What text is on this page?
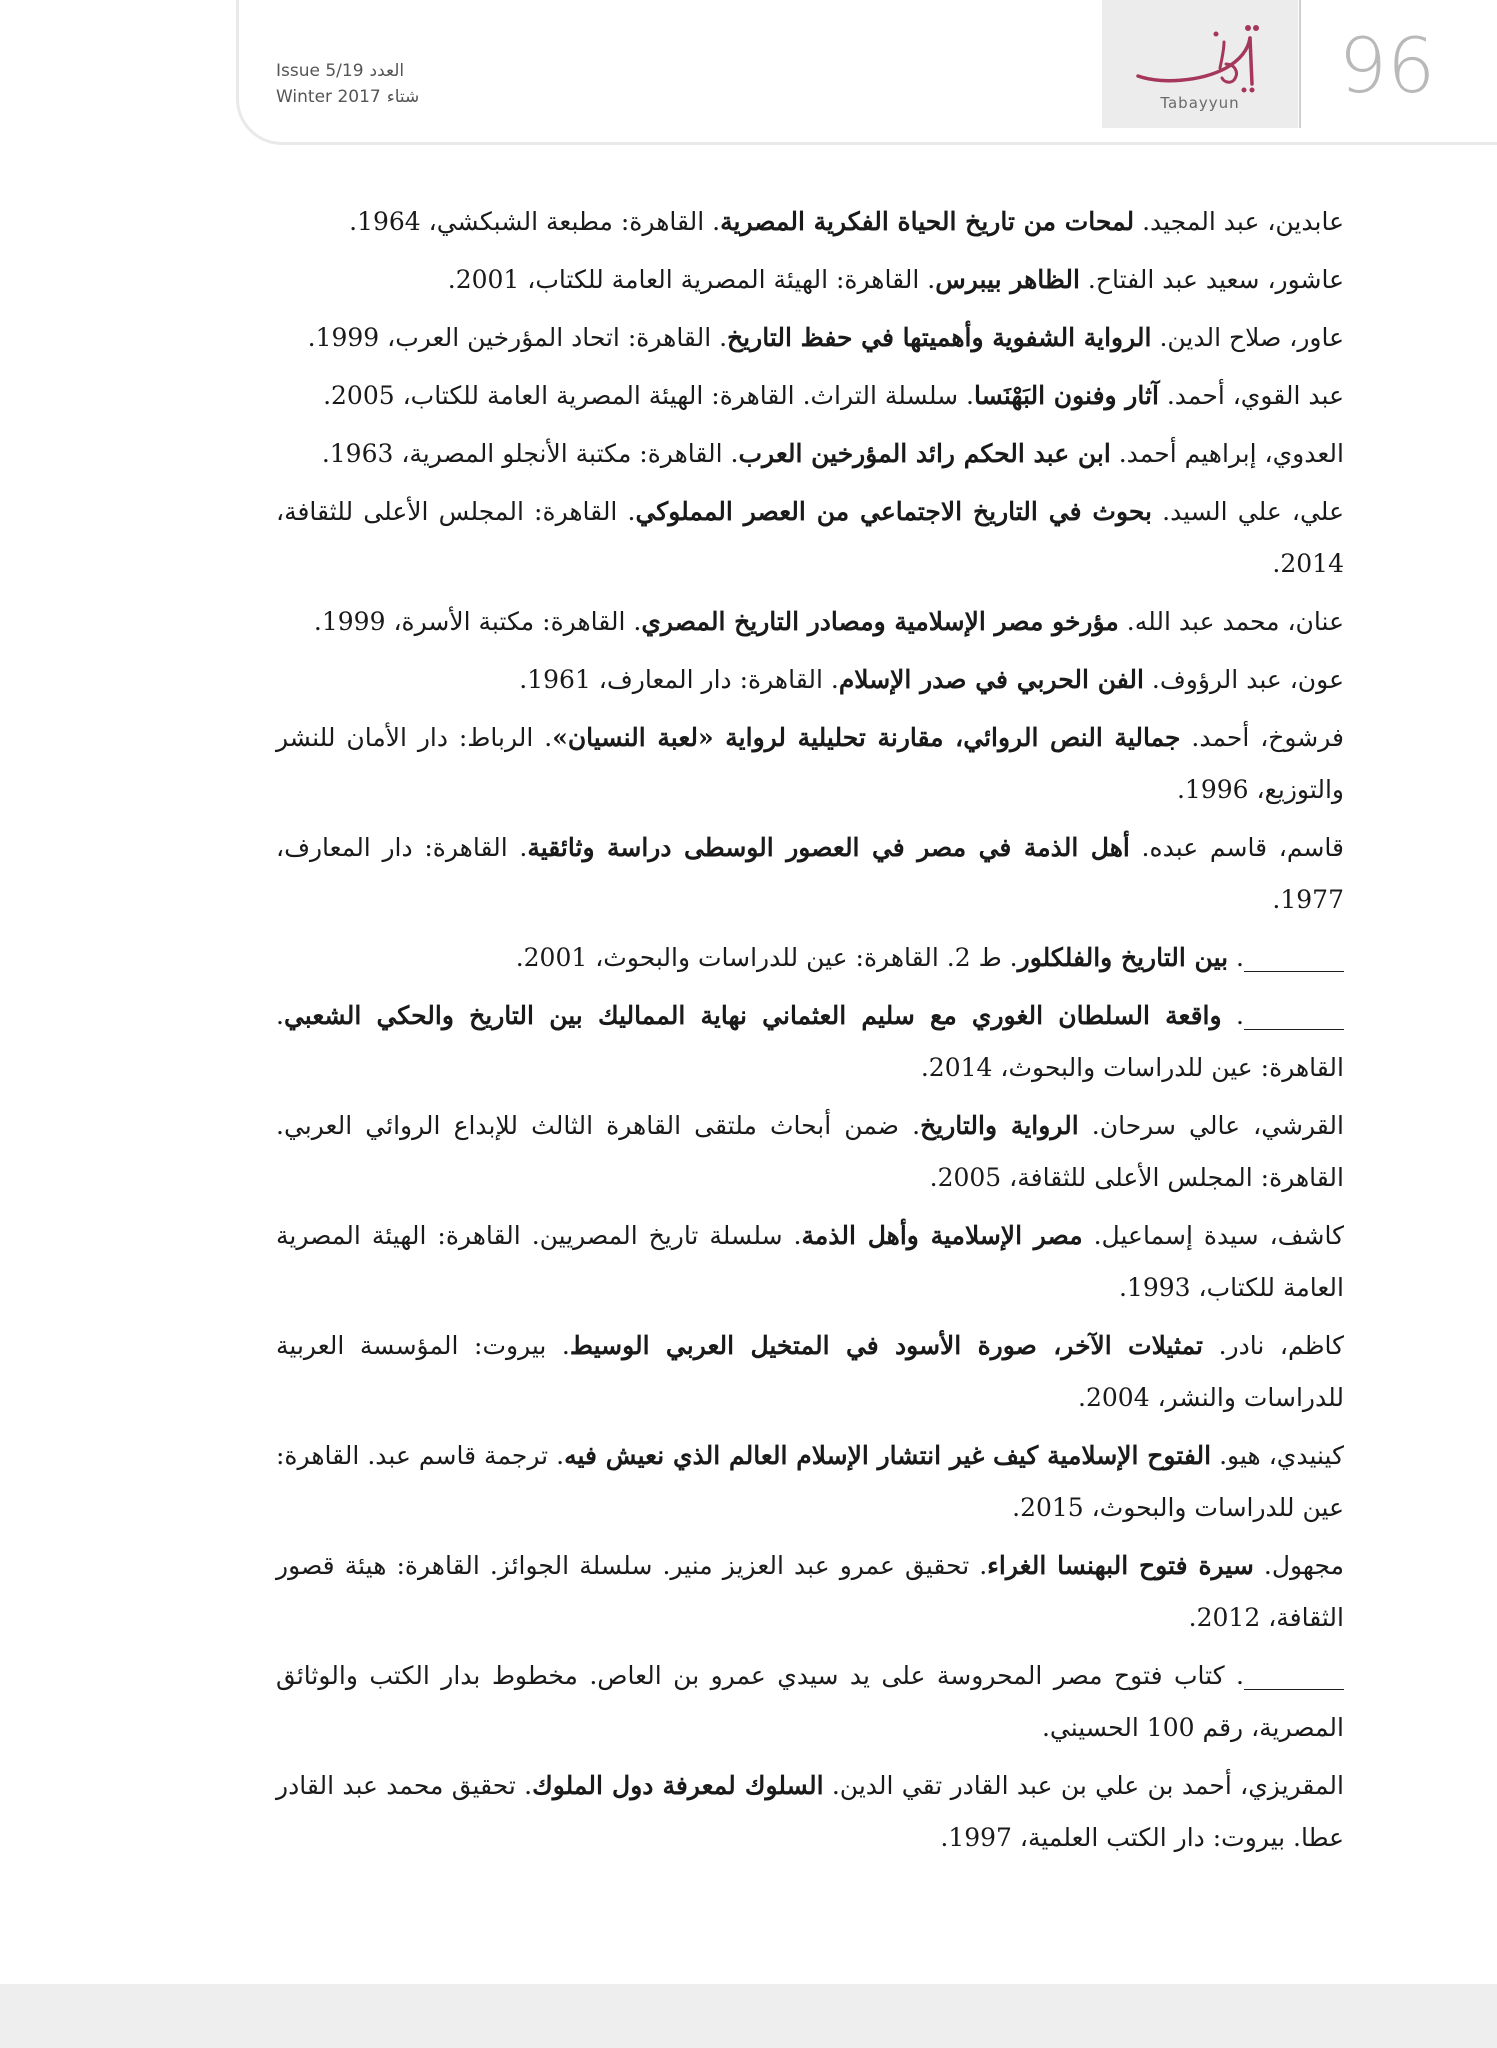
Issue 5/19 العدد
Winter 2017 شتاء	Tabayyun	96
عابدين، عبد المجيد. لمحات من تاريخ الحياة الفكرية المصرية. القاهرة: مطبعة الشبكشي، 1964.
عاشور، سعيد عبد الفتاح. الظاهر بيبرس. القاهرة: الهيئة المصرية العامة للكتاب، 2001.
عاور، صلاح الدين. الرواية الشفوية وأهميتها في حفظ التاريخ. القاهرة: اتحاد المؤرخين العرب، 1999.
عبد القوي، أحمد. آثار وفنون البَهْنَسا. سلسلة التراث. القاهرة: الهيئة المصرية العامة للكتاب، 2005.
العدوي، إبراهيم أحمد. ابن عبد الحكم رائد المؤرخين العرب. القاهرة: مكتبة الأنجلو المصرية، 1963.
علي، علي السيد. بحوث في التاريخ الاجتماعي من العصر المملوكي. القاهرة: المجلس الأعلى للثقافة، 2014.
عنان، محمد عبد الله. مؤرخو مصر الإسلامية ومصادر التاريخ المصري. القاهرة: مكتبة الأسرة، 1999.
عون، عبد الرؤوف. الفن الحربي في صدر الإسلام. القاهرة: دار المعارف، 1961.
فرشوخ، أحمد. جمالية النص الروائي، مقارنة تحليلية لرواية «لعبة النسيان». الرباط: دار الأمان للنشر والتوزيع، 1996.
قاسم، قاسم عبده. أهل الذمة في مصر في العصور الوسطى دراسة وثائقية. القاهرة: دار المعارف، 1977.
________. بين التاريخ والفلكلور. ط 2. القاهرة: عين للدراسات والبحوث، 2001.
________. واقعة السلطان الغوري مع سليم العثماني نهاية المماليك بين التاريخ والحكي الشعبي. القاهرة: عين للدراسات والبحوث، 2014.
القرشي، عالي سرحان. الرواية والتاريخ. ضمن أبحاث ملتقى القاهرة الثالث للإبداع الروائي العربي. القاهرة: المجلس الأعلى للثقافة، 2005.
كاشف، سيدة إسماعيل. مصر الإسلامية وأهل الذمة. سلسلة تاريخ المصريين. القاهرة: الهيئة المصرية العامة للكتاب، 1993.
كاظم، نادر. تمثيلات الآخر، صورة الأسود في المتخيل العربي الوسيط. بيروت: المؤسسة العربية للدراسات والنشر، 2004.
كينيدي، هيو. الفتوح الإسلامية كيف غير انتشار الإسلام العالم الذي نعيش فيه. ترجمة قاسم عبد. القاهرة: عين للدراسات والبحوث، 2015.
مجهول. سيرة فتوح البهنسا الغراء. تحقيق عمرو عبد العزيز منير. سلسلة الجوائز. القاهرة: هيئة قصور الثقافة، 2012.
________. كتاب فتوح مصر المحروسة على يد سيدي عمرو بن العاص. مخطوط بدار الكتب والوثائق المصرية، رقم 100 الحسيني.
المقريزي، أحمد بن علي بن عبد القادر تقي الدين. السلوك لمعرفة دول الملوك. تحقيق محمد عبد القادر عطا. بيروت: دار الكتب العلمية، 1997.
